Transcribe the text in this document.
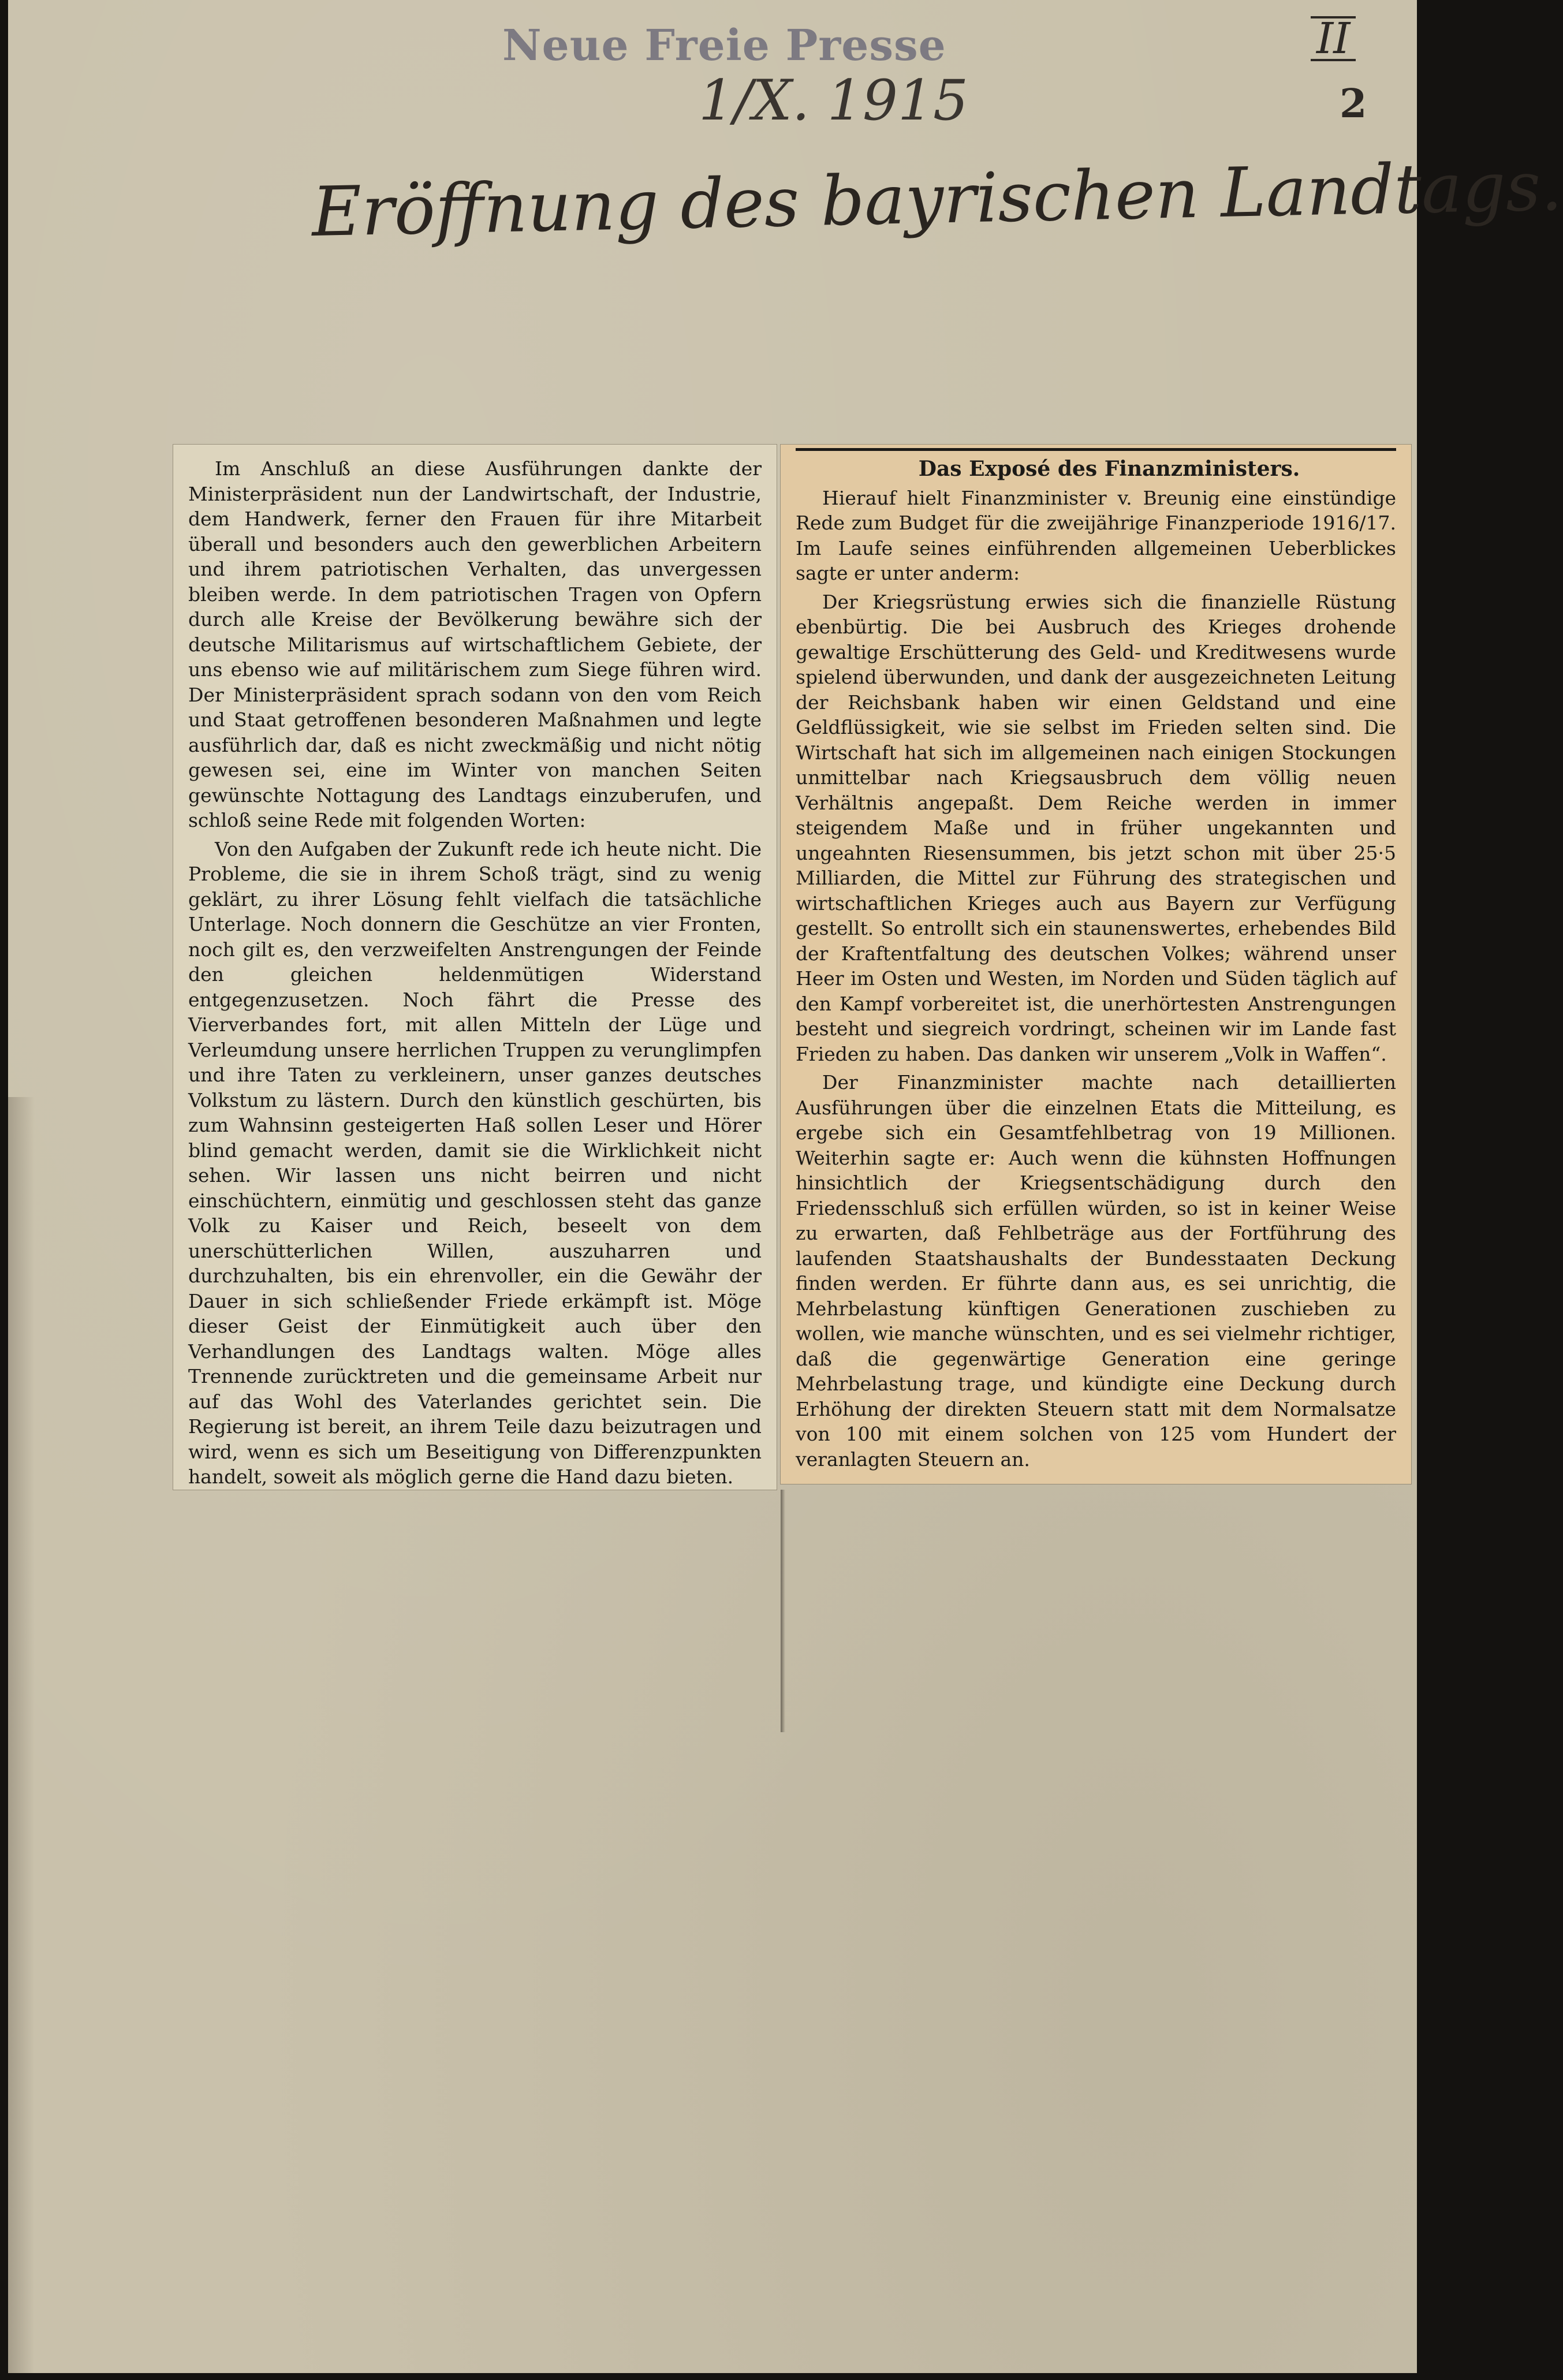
Neue Freie Presse
1/X. 1915
II
2
Eröffnung des bayrischen Landtags.

Im Anschluß an diese Ausführungen dankte der Ministerpräsident nun der Landwirtschaft, der Industrie, dem Handwerk, ferner den Frauen für ihre Mitarbeit überall und besonders auch den gewerblichen Arbeitern und ihrem patriotischen Verhalten, das unvergessen bleiben werde. In dem patriotischen Tragen von Opfern durch alle Kreise der Bevölkerung bewähre sich der deutsche Militarismus auf wirtschaftlichem Gebiete, der uns ebenso wie auf militärischem zum Siege führen wird. Der Ministerpräsident sprach sodann von den vom Reich und Staat getroffenen besonderen Maßnahmen und legte ausführlich dar, daß es nicht zweckmäßig und nicht nötig gewesen sei, eine im Winter von manchen Seiten gewünschte Nottagung des Landtags einzuberufen, und schloß seine Rede mit folgenden Worten:

Von den Aufgaben der Zukunft rede ich heute nicht. Die Probleme, die sie in ihrem Schoß trägt, sind zu wenig geklärt, zu ihrer Lösung fehlt vielfach die tatsächliche Unterlage. Noch donnern die Geschütze an vier Fronten, noch gilt es, den verzweifelten Anstrengungen der Feinde den gleichen heldenmütigen Widerstand entgegenzusetzen. Noch fährt die Presse des Vierverbandes fort, mit allen Mitteln der Lüge und Verleumdung unsere herrlichen Truppen zu verunglimpfen und ihre Taten zu verkleinern, unser ganzes deutsches Volkstum zu lästern. Durch den künstlich geschürten, bis zum Wahnsinn gesteigerten Haß sollen Leser und Hörer blind gemacht werden, damit sie die Wirklichkeit nicht sehen. Wir lassen uns nicht beirren und nicht einschüchtern, einmütig und geschlossen steht das ganze Volk zu Kaiser und Reich, beseelt von dem unerschütterlichen Willen, auszuharren und durchzuhalten, bis ein ehrenvoller, ein die Gewähr der Dauer in sich schließender Friede erkämpft ist. Möge dieser Geist der Einmütigkeit auch über den Verhandlungen des Landtags walten. Möge alles Trennende zurücktreten und die gemeinsame Arbeit nur auf das Wohl des Vaterlandes gerichtet sein. Die Regierung ist bereit, an ihrem Teile dazu beizutragen und wird, wenn es sich um Beseitigung von Differenzpunkten handelt, soweit als möglich gerne die Hand dazu bieten.

Das Exposé des Finanzministers.

Hierauf hielt Finanzminister v. Breunig eine einstündige Rede zum Budget für die zweijährige Finanzperiode 1916/17. Im Laufe seines einführenden allgemeinen Ueberblickes sagte er unter anderm:

Der Kriegsrüstung erwies sich die finanzielle Rüstung ebenbürtig. Die bei Ausbruch des Krieges drohende gewaltige Erschütterung des Geld- und Kreditwesens wurde spielend überwunden, und dank der ausgezeichneten Leitung der Reichsbank haben wir einen Geldstand und eine Geldflüssigkeit, wie sie selbst im Frieden selten sind. Die Wirtschaft hat sich im allgemeinen nach einigen Stockungen unmittelbar nach Kriegsausbruch dem völlig neuen Verhältnis angepaßt. Dem Reiche werden in immer steigendem Maße und in früher ungekannten und ungeahnten Riesensummen, bis jetzt schon mit über 25·5 Milliarden, die Mittel zur Führung des strategischen und wirtschaftlichen Krieges auch aus Bayern zur Verfügung gestellt. So entrollt sich ein staunenswertes, erhebendes Bild der Kraftentfaltung des deutschen Volkes; während unser Heer im Osten und Westen, im Norden und Süden täglich auf den Kampf vorbereitet ist, die unerhörtesten Anstrengungen besteht und siegreich vordringt, scheinen wir im Lande fast Frieden zu haben. Das danken wir unserem „Volk in Waffen“.

Der Finanzminister machte nach detaillierten Ausführungen über die einzelnen Etats die Mitteilung, es ergebe sich ein Gesamtfehlbetrag von 19 Millionen. Weiterhin sagte er: Auch wenn die kühnsten Hoffnungen hinsichtlich der Kriegsentschädigung durch den Friedensschluß sich erfüllen würden, so ist in keiner Weise zu erwarten, daß Fehlbeträge aus der Fortführung des laufenden Staatshaushalts der Bundesstaaten Deckung finden werden. Er führte dann aus, es sei unrichtig, die Mehrbelastung künftigen Generationen zuschieben zu wollen, wie manche wünschten, und es sei vielmehr richtiger, daß die gegenwärtige Generation eine geringe Mehrbelastung trage, und kündigte eine Deckung durch Erhöhung der direkten Steuern statt mit dem Normalsatze von 100 mit einem solchen von 125 vom Hundert der veranlagten Steuern an.
